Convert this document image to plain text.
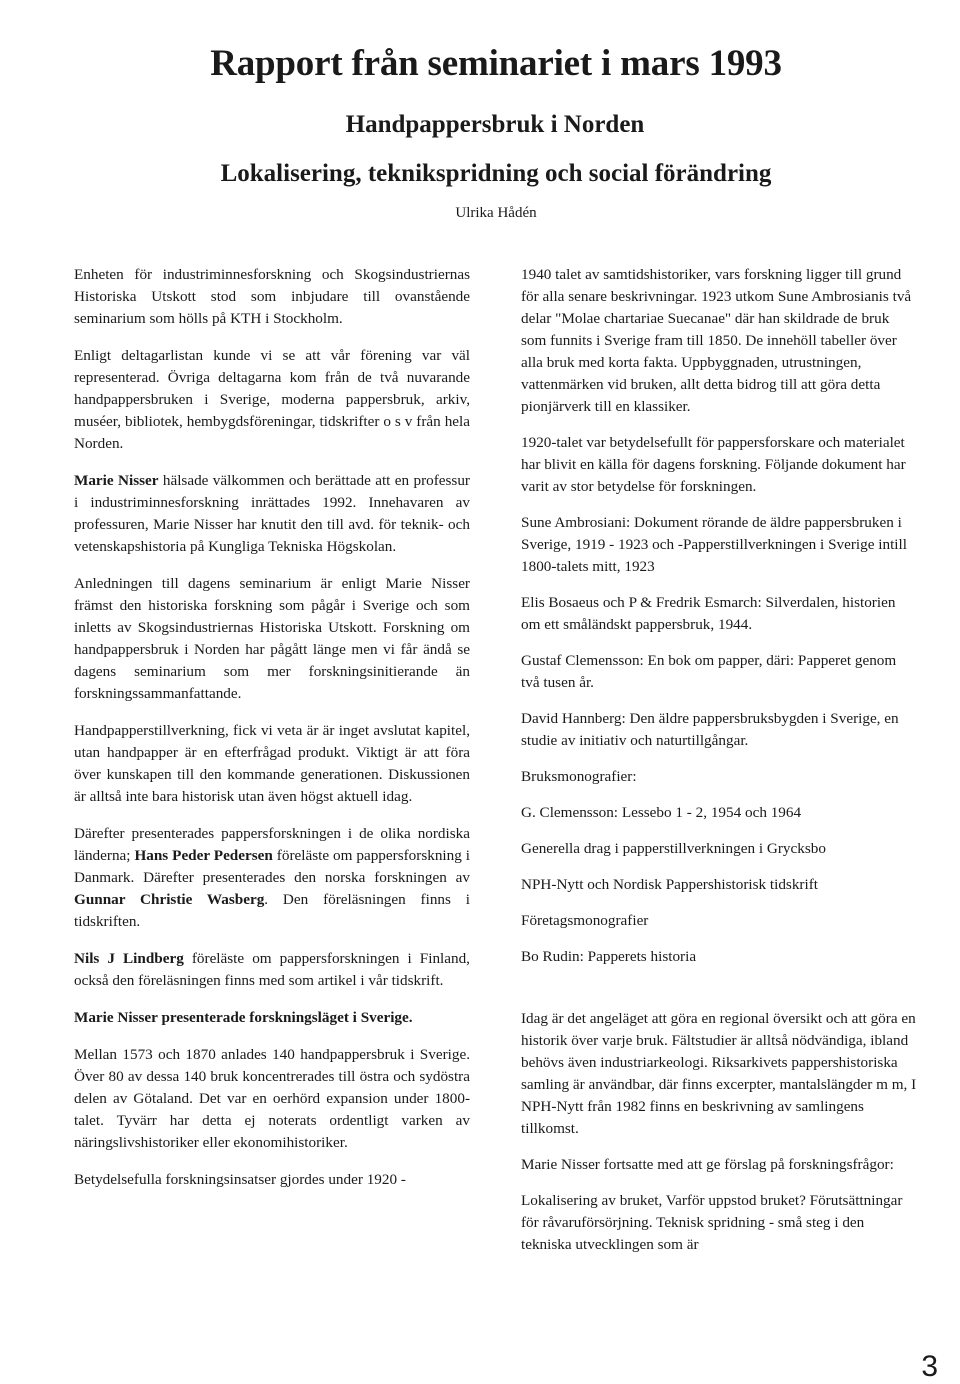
Rapport från seminariet i mars 1993
Handpappersbruk i Norden
Lokalisering, teknikspridning och social förändring
Ulrika Hådén

Enheten för industriminnesforskning och Skogsindustriernas Historiska Utskott stod som inbjudare till ovanstående seminarium som hölls på KTH i Stockholm.

Enligt deltagarlistan kunde vi se att vår förening var väl representerad. Övriga deltagarna kom från de två nuvarande handpappersbruken i Sverige, moderna pappersbruk, arkiv, muséer, bibliotek, hembygdsföreningar, tidskrifter o s v från hela Norden.

Marie Nisser hälsade välkommen och berättade att en professur i industriminnesforskning inrättades 1992. Innehavaren av professuren, Marie Nisser har knutit den till avd. för teknik- och vetenskapshistoria på Kungliga Tekniska Högskolan.

Anledningen till dagens seminarium är enligt Marie Nisser främst den historiska forskning som pågår i Sverige och som inletts av Skogsindustriernas Historiska Utskott. Forskning om handpappersbruk i Norden har pågått länge men vi får ändå se dagens seminarium som mer forskningsinitierande än forskningssammanfattande.

Handpapperstillverkning, fick vi veta är är inget avslutat kapitel, utan handpapper är en efterfrågad produkt. Viktigt är att föra över kunskapen till den kommande generationen. Diskussionen är alltså inte bara historisk utan även högst aktuell idag.

Därefter presenterades pappersforskningen i de olika nordiska länderna; Hans Peder Pedersen föreläste om pappersforskning i Danmark. Därefter presenterades den norska forskningen av Gunnar Christie Wasberg. Den föreläsningen finns i tidskriften.

Nils J Lindberg föreläste om pappersforskningen i Finland, också den föreläsningen finns med som artikel i vår tidskrift.

Marie Nisser presenterade forskningsläget i Sverige.

Mellan 1573 och 1870 anlades 140 handpappersbruk i Sverige. Över 80 av dessa 140 bruk koncentrerades till östra och sydöstra delen av Götaland. Det var en oerhörd expansion under 1800-talet. Tyvärr har detta ej noterats ordentligt varken av näringslivshistoriker eller ekonomihistoriker.

Betydelsefulla forskningsinsatser gjordes under 1920 -

1940 talet av samtidshistoriker, vars forskning ligger till grund för alla senare beskrivningar. 1923 utkom Sune Ambrosianis två delar "Molae chartariae Suecanae" där han skildrade de bruk som funnits i Sverige fram till 1850. De innehöll tabeller över alla bruk med korta fakta. Uppbyggnaden, utrustningen, vattenmärken vid bruken, allt detta bidrog till att göra detta pionjärverk till en klassiker.

1920-talet var betydelsefullt för pappersforskare och materialet har blivit en källa för dagens forskning. Följande dokument har varit av stor betydelse för forskningen.

Sune Ambrosiani: Dokument rörande de äldre pappersbruken i Sverige, 1919 - 1923 och -Papperstillverkningen i Sverige intill 1800-talets mitt, 1923

Elis Bosaeus och P & Fredrik Esmarch: Silverdalen, historien om ett småländskt pappersbruk, 1944.

Gustaf Clemensson: En bok om papper, däri: Papperet genom två tusen år.

David Hannberg: Den äldre pappersbruksbygden i Sverige, en studie av initiativ och naturtillgångar.

Bruksmonografier:

G. Clemensson: Lessebo 1 - 2, 1954 och 1964

Generella drag i papperstillverkningen i Grycksbo

NPH-Nytt och Nordisk Pappershistorisk tidskrift

Företagsmonografier

Bo Rudin: Papperets historia

Idag är det angeläget att göra en regional översikt och att göra en historik över varje bruk. Fältstudier är alltså nödvändiga, ibland behövs även industriarkeologi. Riksarkivets pappershistoriska samling är användbar, där finns excerpter, mantalslängder m m, I NPH-Nytt från 1982 finns en beskrivning av samlingens tillkomst.

Marie Nisser fortsatte med att ge förslag på forskningsfrågor:

Lokalisering av bruket, Varför uppstod bruket? Förutsättningar för råvaruförsörjning. Teknisk spridning - små steg i den tekniska utvecklingen som är

3
